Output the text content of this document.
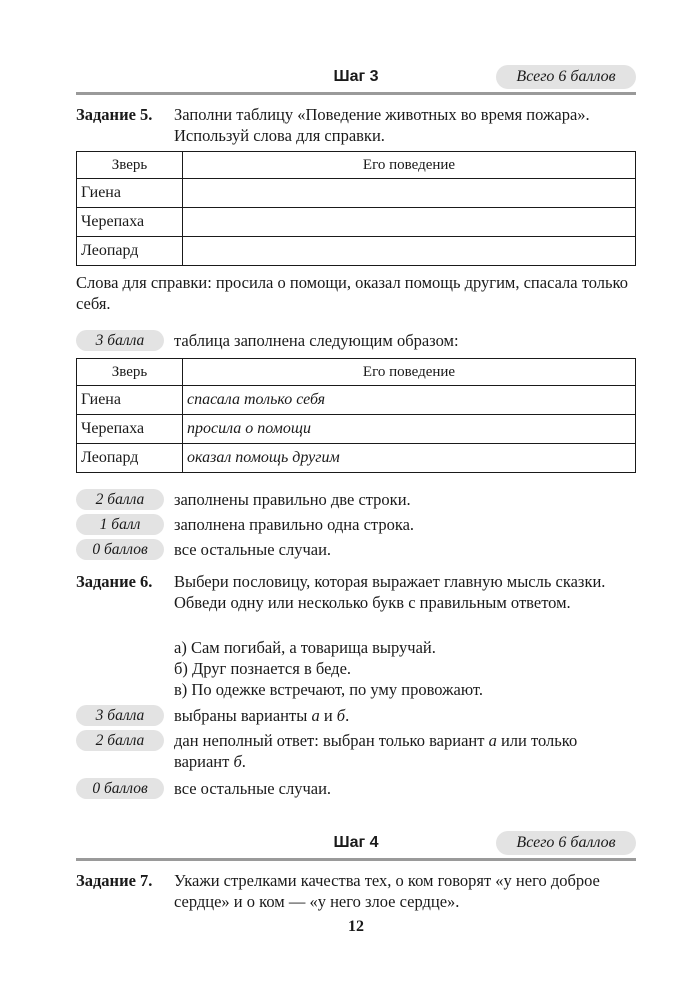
Шаг 3	Всего 6 баллов
Задание 5. Заполни таблицу «Поведение животных во время пожара». Используй слова для справки.
Зверь	Его поведение
Гиена	
Черепаха	
Леопард	
Слова для справки: просила о помощи, оказал помощь другим, спасала только себя.
3 балла	таблица заполнена следующим образом:
Зверь	Его поведение
Гиена	спасала только себя
Черепаха	просила о помощи
Леопард	оказал помощь другим
2 балла	заполнены правильно две строки.
1 балл	заполнена правильно одна строка.
0 баллов	все остальные случаи.
Задание 6. Выбери пословицу, которая выражает главную мысль сказки. Обведи одну или несколько букв с правильным ответом.
а) Сам погибай, а товарища выручай.
б) Друг познается в беде.
в) По одежке встречают, по уму провожают.
3 балла	выбраны варианты а и б.
2 балла	дан неполный ответ: выбран только вариант а или только вариант б.
0 баллов	все остальные случаи.
Шаг 4	Всего 6 баллов
Задание 7. Укажи стрелками качества тех, о ком говорят «у него доброе сердце» и о ком — «у него злое сердце».
12
